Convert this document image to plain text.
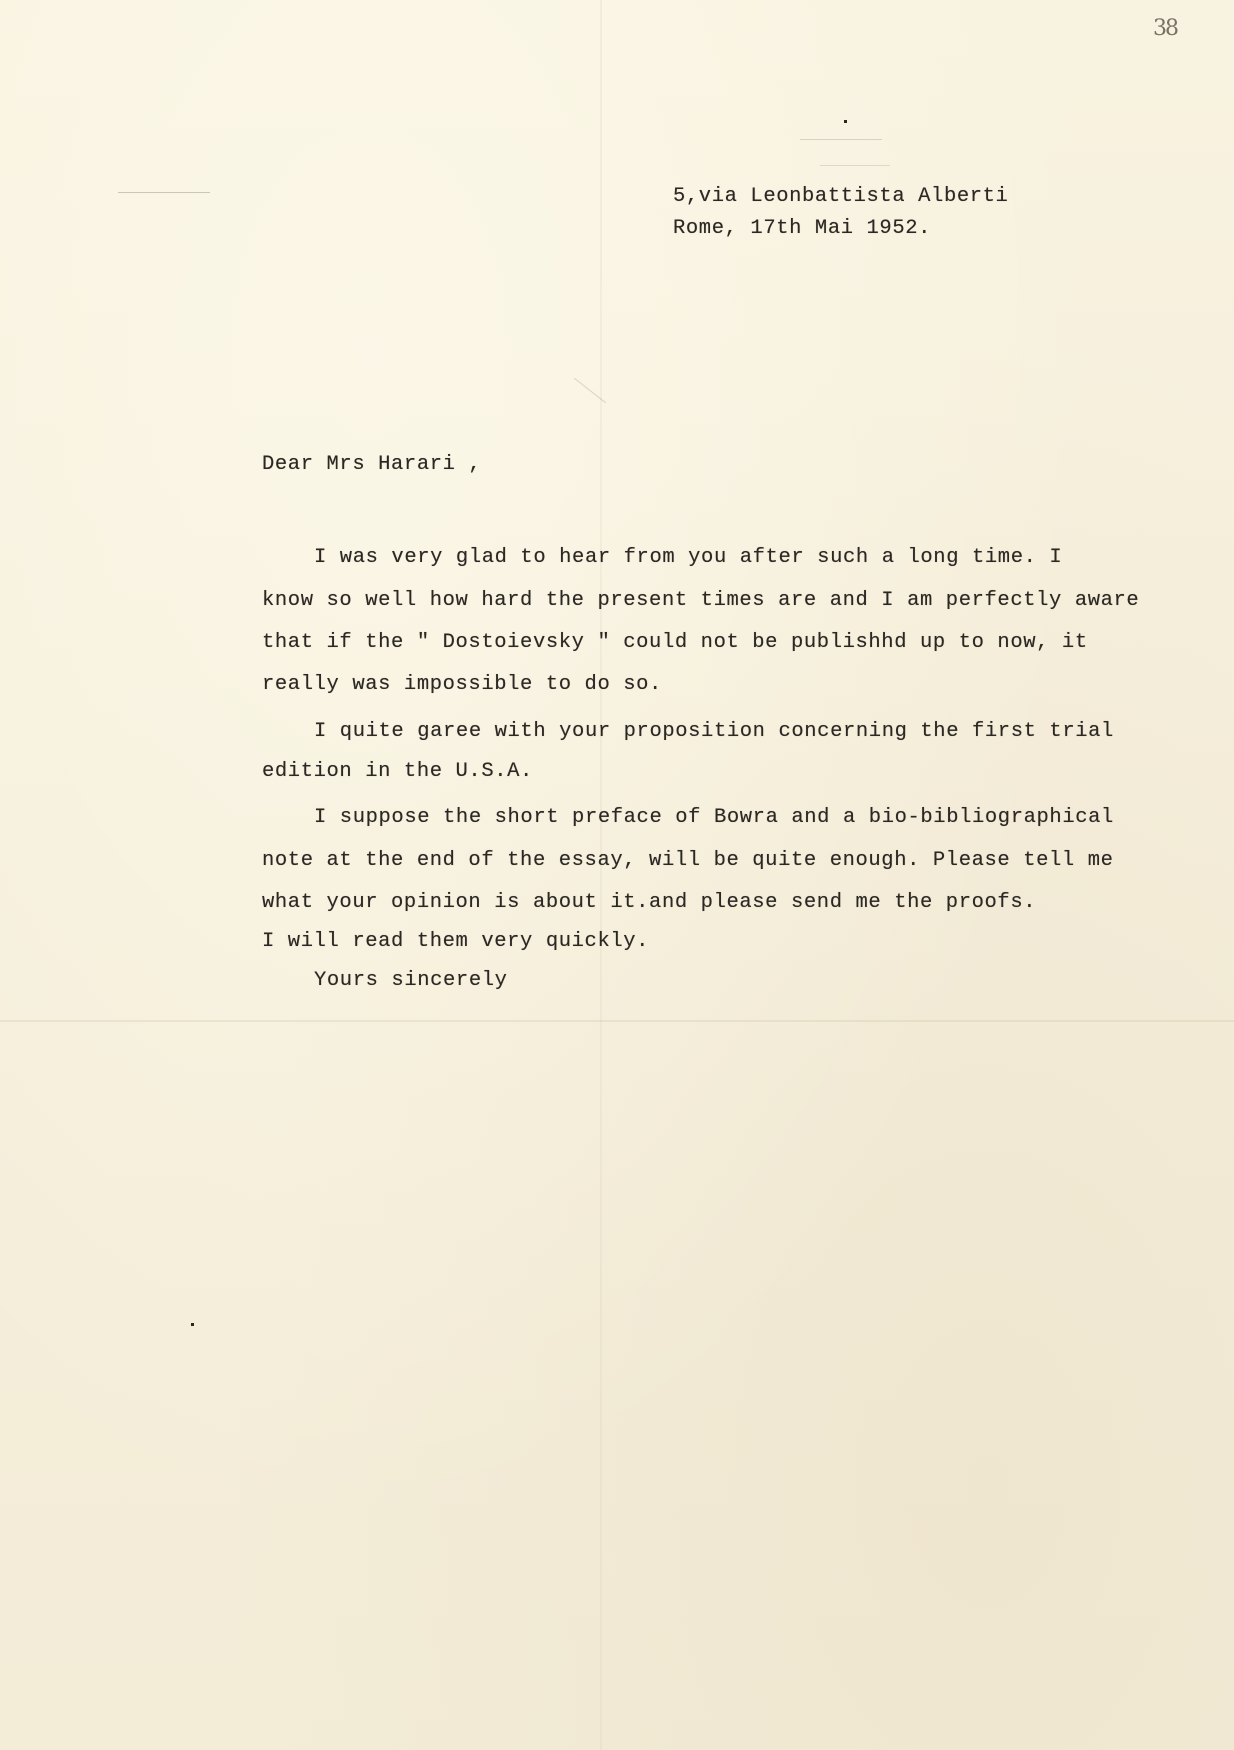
38
5,via Leonbattista Alberti
Rome, 17th Mai 1952.
Dear Mrs Harari ,
I was very glad to hear from you after such a long time. I
know so well how hard the present times are and I am perfectly aware
that if the " Dostoievsky " could not be publishhd up to now, it
really was impossible to do so.
I quite garee with your proposition concerning the first trial
edition in the U.S.A.
I suppose the short preface of Bowra and a bio-bibliographical
note at the end of the essay, will be quite enough. Please tell me
what your opinion is about it.and please send me the proofs.
I will read them very quickly.
Yours sincerely
